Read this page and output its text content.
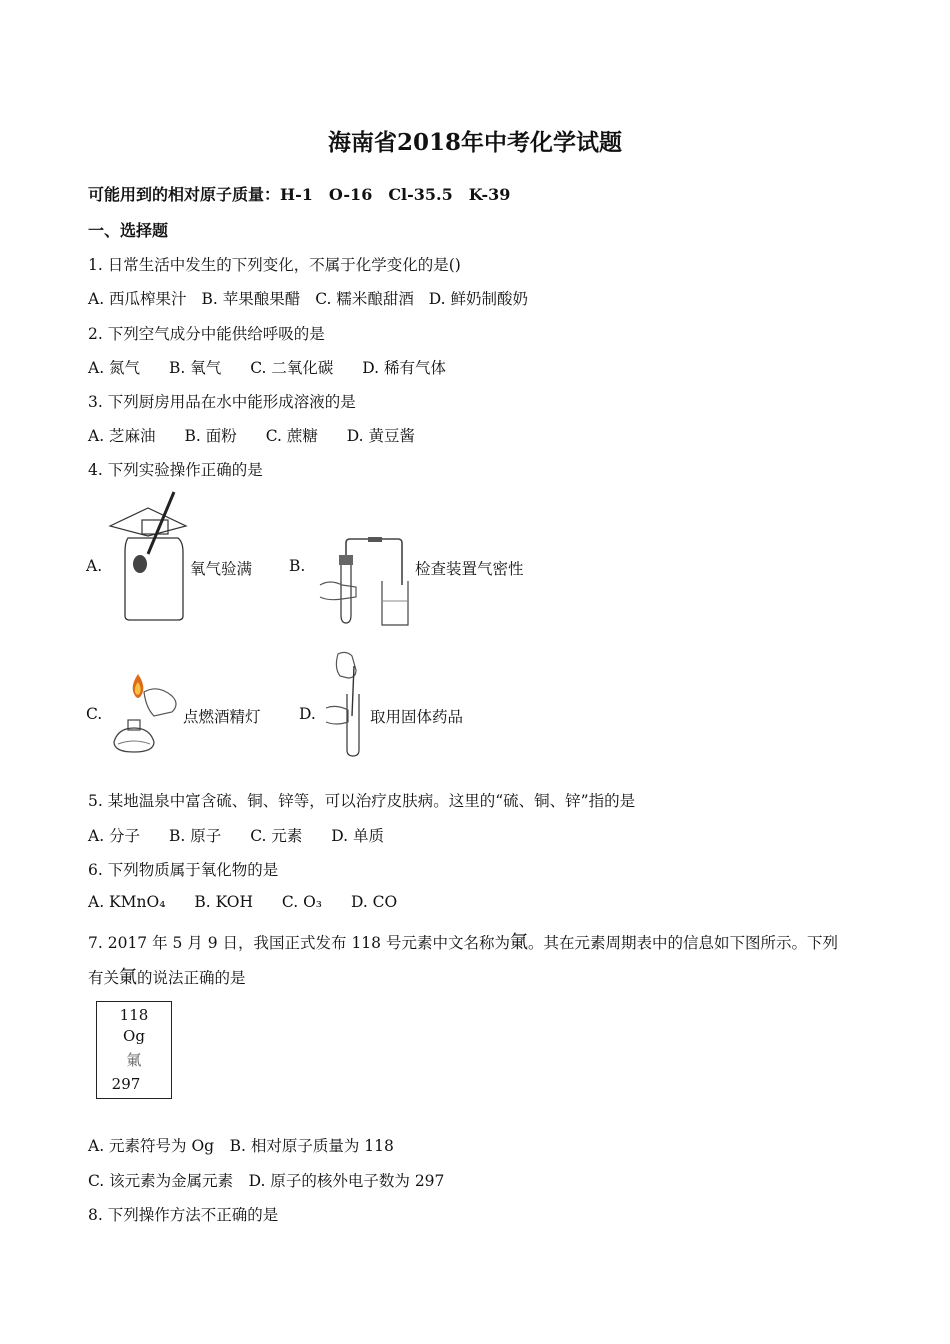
海南省2018年中考化学试题
可能用到的相对原子质量：H-1　O-16　Cl-35.5　K-39
一、选择题
1. 日常生活中发生的下列变化，不属于化学变化的是()
A. 西瓜榨果汁 B. 苹果酿果醋 C. 糯米酿甜酒 D. 鲜奶制酸奶
2. 下列空气成分中能供给呼吸的是
A. 氮气 B. 氧气 C. 二氧化碳 D. 稀有气体
3. 下列厨房用品在水中能形成溶液的是
A. 芝麻油 B. 面粉 C. 蔗糖 D. 黄豆酱
4. 下列实验操作正确的是
A.	氧气验满 B.	检查装置气密性
C.	点燃酒精灯 D.	取用固体药品
5. 某地温泉中富含硫、铜、锌等，可以治疗皮肤病。这里的“硫、铜、锌”指的是
A. 分子 B. 原子 C. 元素 D. 单质
6. 下列物质属于氧化物的是
A. KMnO₄ B. KOH C. O₃ D. CO
7. 2017 年 5 月 9 日，我国正式发布 118 号元素中文名称为氭。其在元素周期表中的信息如下图所示。下列
有关氭的说法正确的是
118
Og
氭
297
A. 元素符号为 Og　B. 相对原子质量为 118
C. 该元素为金属元素　D. 原子的核外电子数为 297
8. 下列操作方法不正确的是
